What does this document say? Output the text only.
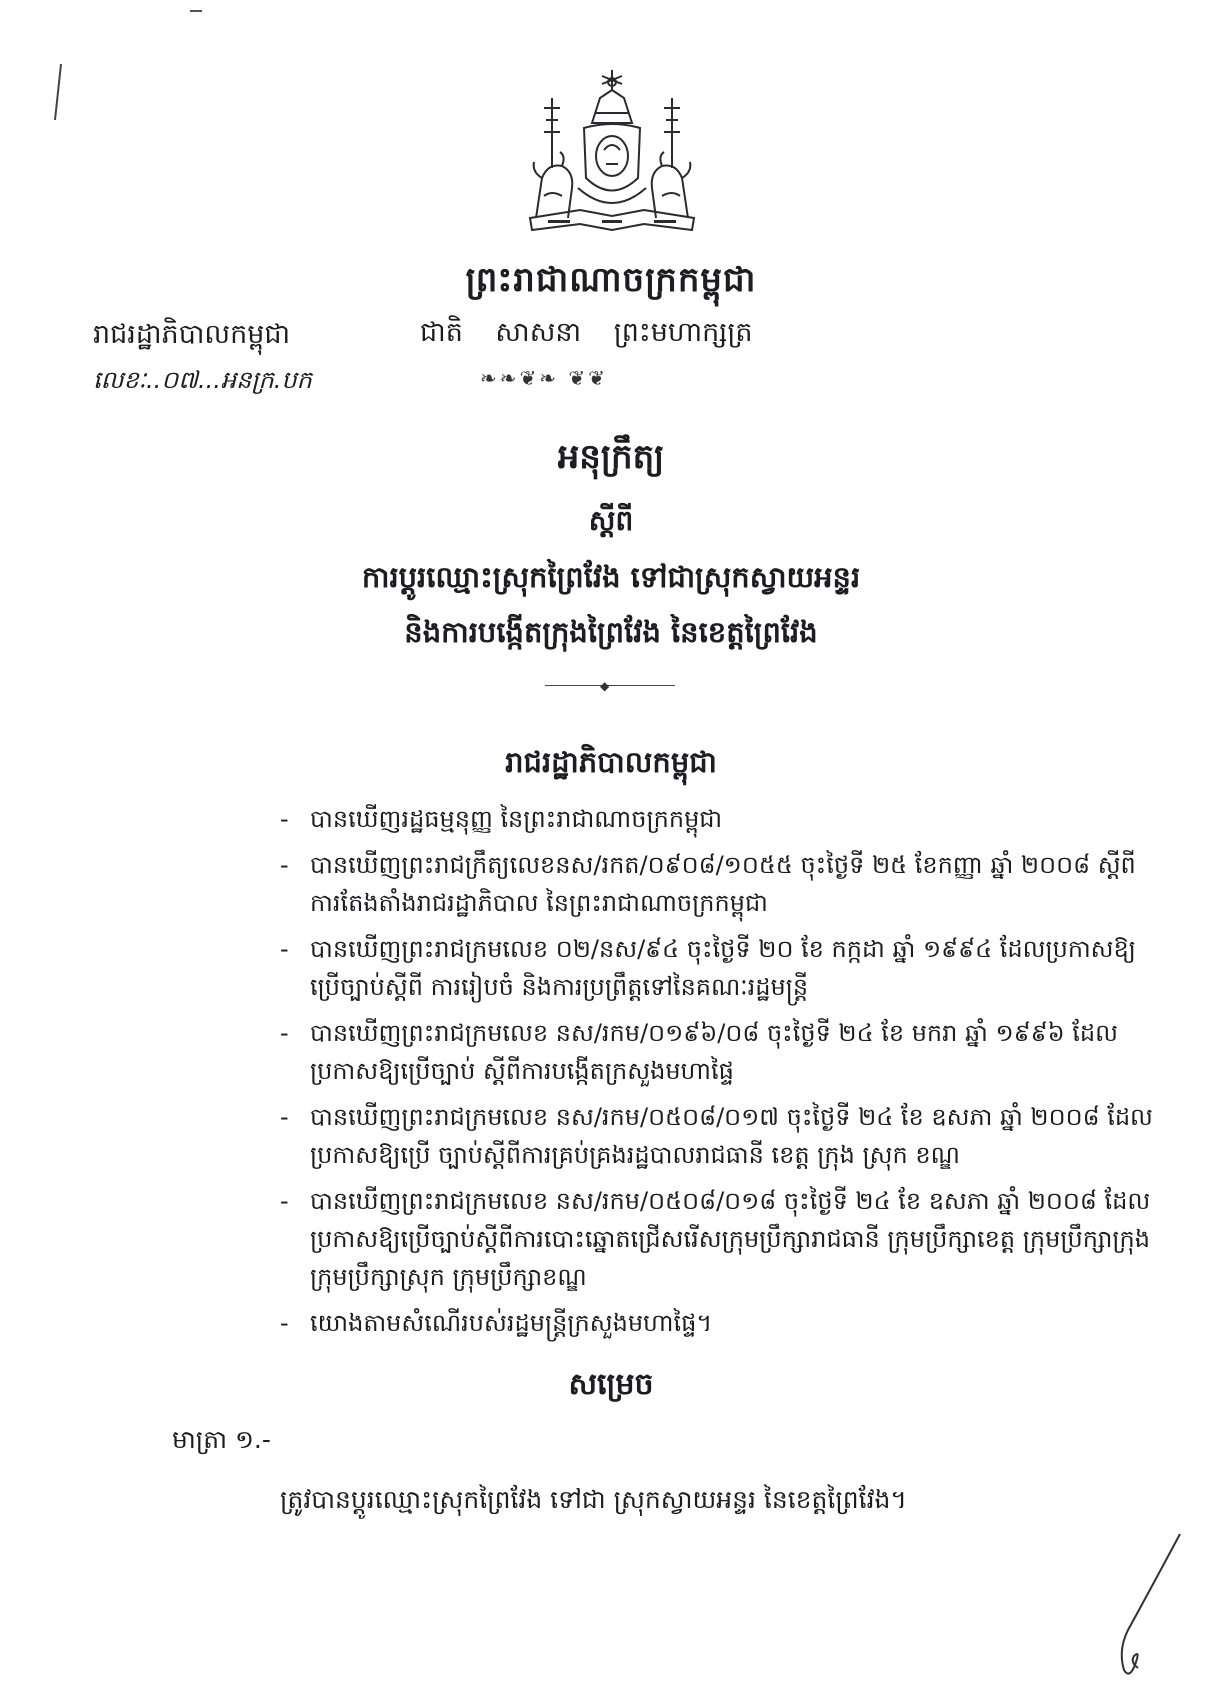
ព្រះរាជាណាចក្រកម្ពុជា
រាជរដ្ឋាភិបាលកម្ពុជា	ជាតិ សាសនា ព្រះមហាក្សត្រ
លេខៈ..០៧...អនក្រ.បក	❧❧❦❧ ❦❦
អនុក្រឹត្យ
ស្តីពី
ការប្តូរឈ្មោះស្រុកព្រៃវែង ទៅជាស្រុកស្វាយអន្ទរ
និងការបង្កើតក្រុងព្រៃវែង នៃខេត្តព្រៃវែង
◆
រាជរដ្ឋាភិបាលកម្ពុជា
- បានឃើញរដ្ឋធម្មនុញ្ញ នៃព្រះរាជាណាចក្រកម្ពុជា
- បានឃើញព្រះរាជក្រឹត្យលេខនស/រកត/០៩០៨/១០៥៥ ចុះថ្ងៃទី ២៥ ខែកញ្ញា ឆ្នាំ ២០០៨ ស្តីពីការតែងតាំងរាជរដ្ឋាភិបាល នៃព្រះរាជាណាចក្រកម្ពុជា
- បានឃើញព្រះរាជក្រមលេខ ០២/នស/៩៤ ចុះថ្ងៃទី ២០ ខែ កក្កដា ឆ្នាំ ១៩៩៤ ដែលប្រកាសឱ្យប្រើច្បាប់ស្តីពី ការរៀបចំ និងការប្រព្រឹត្តទៅនៃគណៈរដ្ឋមន្ត្រី
- បានឃើញព្រះរាជក្រមលេខ នស/រកម/០១៩៦/០៨ ចុះថ្ងៃទី ២៤ ខែ មករា ឆ្នាំ ១៩៩៦ ដែលប្រកាសឱ្យប្រើច្បាប់ ស្តីពីការបង្កើតក្រសួងមហាផ្ទៃ
- បានឃើញព្រះរាជក្រមលេខ នស/រកម/០៥០៨/០១៧ ចុះថ្ងៃទី ២៤ ខែ ឧសភា ឆ្នាំ ២០០៨ ដែលប្រកាសឱ្យប្រើ ច្បាប់ស្តីពីការគ្រប់គ្រងរដ្ឋបាលរាជធានី ខេត្ត ក្រុង ស្រុក ខណ្ឌ
- បានឃើញព្រះរាជក្រមលេខ នស/រកម/០៥០៨/០១៨ ចុះថ្ងៃទី ២៤ ខែ ឧសភា ឆ្នាំ ២០០៨ ដែលប្រកាសឱ្យប្រើច្បាប់ស្តីពីការបោះឆ្នោតជ្រើសរើសក្រុមប្រឹក្សារាជធានី ក្រុមប្រឹក្សាខេត្ត ក្រុមប្រឹក្សាក្រុង ក្រុមប្រឹក្សាស្រុក ក្រុមប្រឹក្សាខណ្ឌ
- យោងតាមសំណើរបស់រដ្ឋមន្ត្រីក្រសួងមហាផ្ទៃ។
សម្រេច
មាត្រា ១.-
ត្រូវបានប្តូរឈ្មោះស្រុកព្រៃវែង ទៅជា ស្រុកស្វាយអន្ទរ នៃខេត្តព្រៃវែង។
